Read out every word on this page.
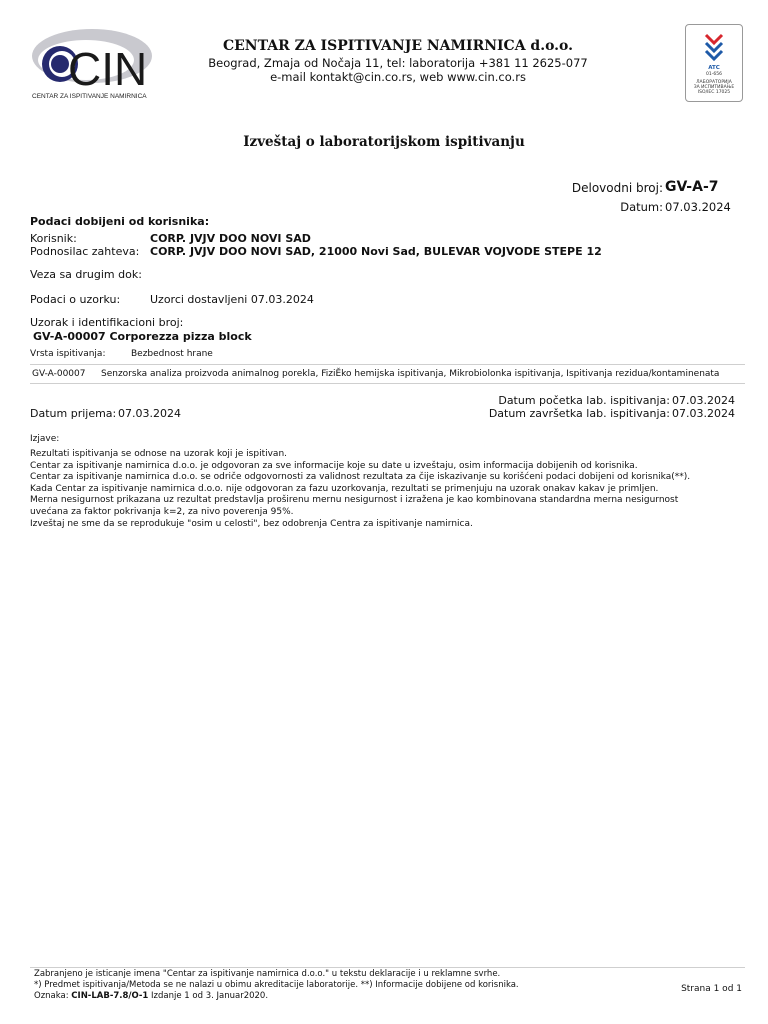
CIN
CENTAR ZA ISPITIVANJE NAMIRNICA
CENTAR ZA ISPITIVANJE NAMIRNICA d.o.o.
Beograd, Zmaja od Nočaja 11, tel: laboratorija +381 11 2625-077
e-mail kontakt@cin.co.rs, web www.cin.co.rs
ATC
01-656
ЛАБОРАТОРИЈА
ЗА ИСПИТИВАЊЕ
ISO/IEC 17025
Izveštaj o laboratorijskom ispitivanju
Delovodni broj: GV-A-7
Datum: 07.03.2024
Podaci dobijeni od korisnika:
Korisnik:	CORP. JVJV DOO NOVI SAD
Podnosilac zahteva: CORP. JVJV DOO NOVI SAD, 21000 Novi Sad, BULEVAR VOJVODE STEPE 12
Veza sa drugim dok:
Podaci o uzorku:	Uzorci dostavljeni 07.03.2024
Uzorak i identifikacioni broj:
GV-A-00007 Corporezza pizza block
Vrsta ispitivanja:	Bezbednost hrane
GV-A-00007 Senzorska analiza proizvoda animalnog porekla, FiziĔko hemijska ispitivanja, Mikrobiolonka ispitivanja, Ispitivanja rezidua/kontaminenata
Datum početka lab. ispitivanja: 07.03.2024
Datum prijema: 07.03.2024	Datum završetka lab. ispitivanja: 07.03.2024
Izjave:
Rezultati ispitivanja se odnose na uzorak koji je ispitivan.
Centar za ispitivanje namirnica d.o.o. je odgovoran za sve informacije koje su date u izveštaju, osim informacija dobijenih od korisnika.
Centar za ispitivanje namirnica d.o.o. se odriče odgovornosti za validnost rezultata za čije iskazivanje su korišćeni podaci dobijeni od korisnika(**).
Kada Centar za ispitivanje namirnica d.o.o. nije odgovoran za fazu uzorkovanja, rezultati se primenjuju na uzorak onakav kakav je primljen.
Merna nesigurnost prikazana uz rezultat predstavlja proširenu mernu nesigurnost i izražena je kao kombinovana standardna merna nesigurnost
uvećana za faktor pokrivanja k=2, za nivo poverenja 95%.
Izveštaj ne sme da se reprodukuje "osim u celosti", bez odobrenja Centra za ispitivanje namirnica.
Zabranjeno je isticanje imena "Centar za ispitivanje namirnica d.o.o." u tekstu deklaracije i u reklamne svrhe.
*) Predmet ispitivanja/Metoda se ne nalazi u obimu akreditacije laboratorije. **) Informacije dobijene od korisnika.
Oznaka: CIN-LAB-7.8/O-1 Izdanje 1 od 3. Januar2020.
Strana 1 od 1
